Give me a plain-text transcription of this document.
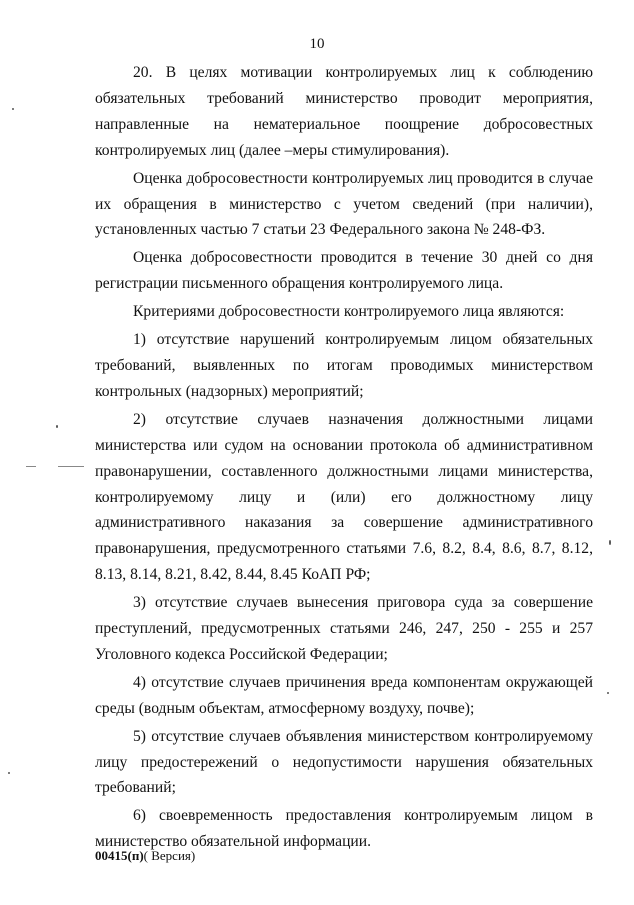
10

20. В целях мотивации контролируемых лиц к соблюдению обязательных требований министерство проводит мероприятия, направленные на нематериальное поощрение добросовестных контролируемых лиц (далее –меры стимулирования).

Оценка добросовестности контролируемых лиц проводится в случае их обращения в министерство с учетом сведений (при наличии), установленных частью 7 статьи 23 Федерального закона № 248-ФЗ.

Оценка добросовестности проводится в течение 30 дней со дня регистрации письменного обращения контролируемого лица.

Критериями добросовестности контролируемого лица являются:

1) отсутствие нарушений контролируемым лицом обязательных требований, выявленных по итогам проводимых министерством контрольных (надзорных) мероприятий;

2) отсутствие случаев назначения должностными лицами министерства или судом на основании протокола об административном правонарушении, составленного должностными лицами министерства, контролируемому лицу и (или) его должностному лицу административного наказания за совершение административного правонарушения, предусмотренного статьями 7.6, 8.2, 8.4, 8.6, 8.7, 8.12, 8.13, 8.14, 8.21, 8.42, 8.44, 8.45 КоАП РФ;

3) отсутствие случаев вынесения приговора суда за совершение преступлений, предусмотренных статьями 246, 247, 250 - 255 и 257 Уголовного кодекса Российской Федерации;

4) отсутствие случаев причинения вреда компонентам окружающей среды (водным объектам, атмосферному воздуху, почве);

5) отсутствие случаев объявления министерством контролируемому лицу предостережений о недопустимости нарушения обязательных требований;

6) своевременность предоставления контролируемым лицом в министерство обязательной информации.

00415(п)( Версия)
